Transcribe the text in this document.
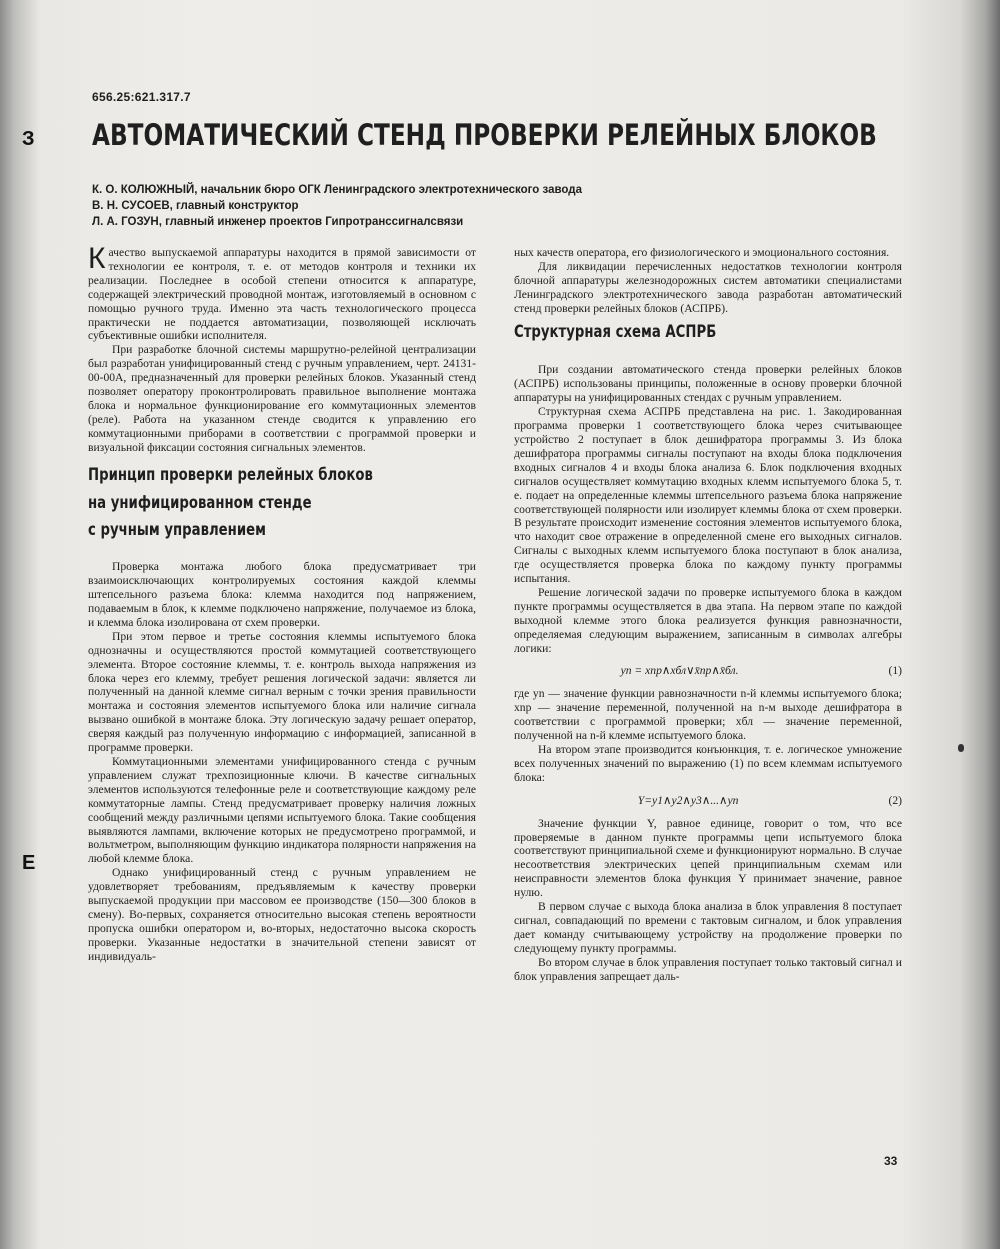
656.25:621.317.7
З
Е
АВТОМАТИЧЕСКИЙ СТЕНД ПРОВЕРКИ РЕЛЕЙНЫХ БЛОКОВ
К. О. КОЛЮЖНЫЙ, начальник бюро ОГК Ленинградского электротехнического завода
В. Н. СУСОЕВ, главный конструктор
Л. А. ГОЗУН, главный инженер проектов Гипротранссигналсвязи

Качество выпускаемой аппаратуры находится в прямой зависимости от технологии ее контроля, т. е. от методов контроля и техники их реализации. Последнее в особой степени относится к аппаратуре, содержащей электрический проводной монтаж, изготовляемый в основном с помощью ручного труда. Именно эта часть технологического процесса практически не поддается автоматизации, позволяющей исключать субъективные ошибки исполнителя.

При разработке блочной системы маршрутно-релейной централизации был разработан унифицированный стенд с ручным управлением, черт. 24131-00-00А, предназначенный для проверки релейных блоков. Указанный стенд позволяет оператору проконтролировать правильное выполнение монтажа блока и нормальное функционирование его коммутационных элементов (реле). Работа на указанном стенде сводится к управлению его коммутационными приборами в соответствии с программой проверки и визуальной фиксации состояния сигнальных элементов.

Принцип проверки релейных блоков
на унифицированном стенде
с ручным управлением

Проверка монтажа любого блока предусматривает три взаимоисключающих контролируемых состояния каждой клеммы штепсельного разъема блока: клемма находится под напряжением, подаваемым в блок, к клемме подключено напряжение, получаемое из блока, и клемма блока изолирована от схем проверки.

При этом первое и третье состояния клеммы испытуемого блока однозначны и осуществляются простой коммутацией соответствующего элемента. Второе состояние клеммы, т. е. контроль выхода напряжения из блока через его клемму, требует решения логической задачи: является ли полученный на данной клемме сигнал верным с точки зрения правильности монтажа и состояния элементов испытуемого блока или наличие сигнала вызвано ошибкой в монтаже блока. Эту логическую задачу решает оператор, сверяя каждый раз полученную информацию с информацией, записанной в программе проверки.

Коммутационными элементами унифицированного стенда с ручным управлением служат трехпозиционные ключи. В качестве сигнальных элементов используются телефонные реле и соответствующие каждому реле коммутаторные лампы. Стенд предусматривает проверку наличия ложных сообщений между различными цепями испытуемого блока. Такие сообщения выявляются лампами, включение которых не предусмотрено программой, и вольтметром, выполняющим функцию индикатора полярности напряжения на любой клемме блока.

Однако унифицированный стенд с ручным управлением не удовлетворяет требованиям, предъявляемым к качеству проверки выпускаемой продукции при массовом ее производстве (150—300 блоков в смену). Во-первых, сохраняется относительно высокая степень вероятности пропуска ошибки оператором и, во-вторых, недостаточно высока скорость проверки. Указанные недостатки в значительной степени зависят от индивидуаль-

ных качеств оператора, его физиологического и эмоционального состояния.

Для ликвидации перечисленных недостатков технологии контроля блочной аппаратуры железнодорожных систем автоматики специалистами Ленинградского электротехнического завода разработан автоматический стенд проверки релейных блоков (АСПРБ).

Структурная схема АСПРБ

При создании автоматического стенда проверки релейных блоков (АСПРБ) использованы принципы, положенные в основу проверки блочной аппаратуры на унифицированных стендах с ручным управлением.

Структурная схема АСПРБ представлена на рис. 1. Закодированная программа проверки 1 соответствующего блока через считывающее устройство 2 поступает в блок дешифратора программы 3. Из блока дешифратора программы сигналы поступают на входы блока подключения входных сигналов 4 и входы блока анализа 6. Блок подключения входных сигналов осуществляет коммутацию входных клемм испытуемого блока 5, т. е. подает на определенные клеммы штепсельного разъема блока напряжение соответствующей полярности или изолирует клеммы блока от схем проверки. В результате происходит изменение состояния элементов испытуемого блока, что находит свое отражение в определенной смене его выходных сигналов. Сигналы с выходных клемм испытуемого блока поступают в блок анализа, где осуществляется проверка блока по каждому пункту программы испытания.

Решение логической задачи по проверке испытуемого блока в каждом пункте программы осуществляется в два этапа. На первом этапе по каждой выходной клемме этого блока реализуется функция равнозначности, определяемая следующим выражением, записанным в символах алгебры логики:

yn = xnp∧xбл∨x̄np∧x̄бл.	(1)

где yn — значение функции равнозначности n-й клеммы испытуемого блока; xnp — значение переменной, полученной на n-м выходе дешифратора в соответствии с программой проверки; xбл — значение переменной, полученной на n-й клемме испытуемого блока.

На втором этапе производится конъюнкция, т. е. логическое умножение всех полученных значений по выражению (1) по всем клеммам испытуемого блока:

Y=y1∧y2∧y3∧...∧yn	(2)

Значение функции Y, равное единице, говорит о том, что все проверяемые в данном пункте программы цепи испытуемого блока соответствуют принципиальной схеме и функционируют нормально. В случае несоответствия электрических цепей принципиальным схемам или неисправности элементов блока функция Y принимает значение, равное нулю.

В первом случае с выхода блока анализа в блок управления 8 поступает сигнал, совпадающий по времени с тактовым сигналом, и блок управления дает команду считывающему устройству на продолжение проверки по следующему пункту программы.

Во втором случае в блок управления поступает только тактовый сигнал и блок управления запрещает даль-

33
